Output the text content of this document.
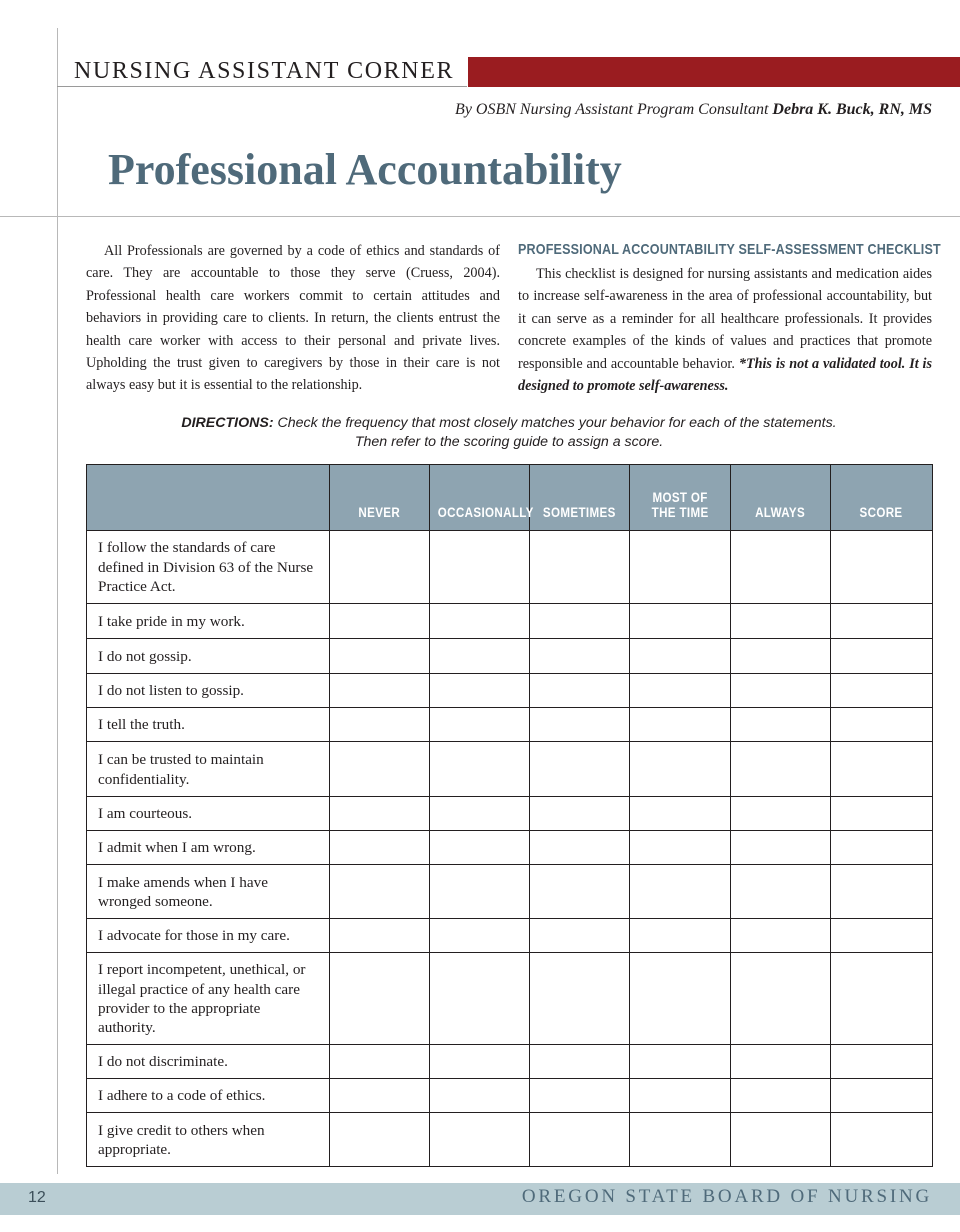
NURSING ASSISTANT CORNER
By OSBN Nursing Assistant Program Consultant Debra K. Buck, RN, MS
Professional Accountability

All Professionals are governed by a code of ethics and standards of care. They are accountable to those they serve (Cruess, 2004). Professional health care workers commit to certain attitudes and behaviors in providing care to clients. In return, the clients entrust the health care worker with access to their personal and private lives. Upholding the trust given to caregivers by those in their care is not always easy but it is essential to the relationship.

PROFESSIONAL ACCOUNTABILITY SELF-ASSESSMENT CHECKLIST

This checklist is designed for nursing assistants and medication aides to increase self-awareness in the area of professional accountability, but it can serve as a reminder for all healthcare professionals. It provides concrete examples of the kinds of values and practices that promote responsible and accountable behavior. *This is not a validated tool. It is designed to promote self-awareness.

DIRECTIONS: Check the frequency that most closely matches your behavior for each of the statements.
Then refer to the scoring guide to assign a score.
	NEVER	OCCASIONALLY	SOMETIMES	MOST OF
THE TIME	ALWAYS	SCORE
I follow the standards of care defined in Division 63 of the Nurse Practice Act.						
I take pride in my work.						
I do not gossip.						
I do not listen to gossip.						
I tell the truth.						
I can be trusted to maintain confidentiality.						
I am courteous.						
I admit when I am wrong.						
I make amends when I have wronged someone.						
I advocate for those in my care.						
I report incompetent, unethical, or illegal practice of any health care provider to the appropriate authority.						
I do not discriminate.						
I adhere to a code of ethics.						
I give credit to others when appropriate.						
12	OREGON STATE BOARD OF NURSING
